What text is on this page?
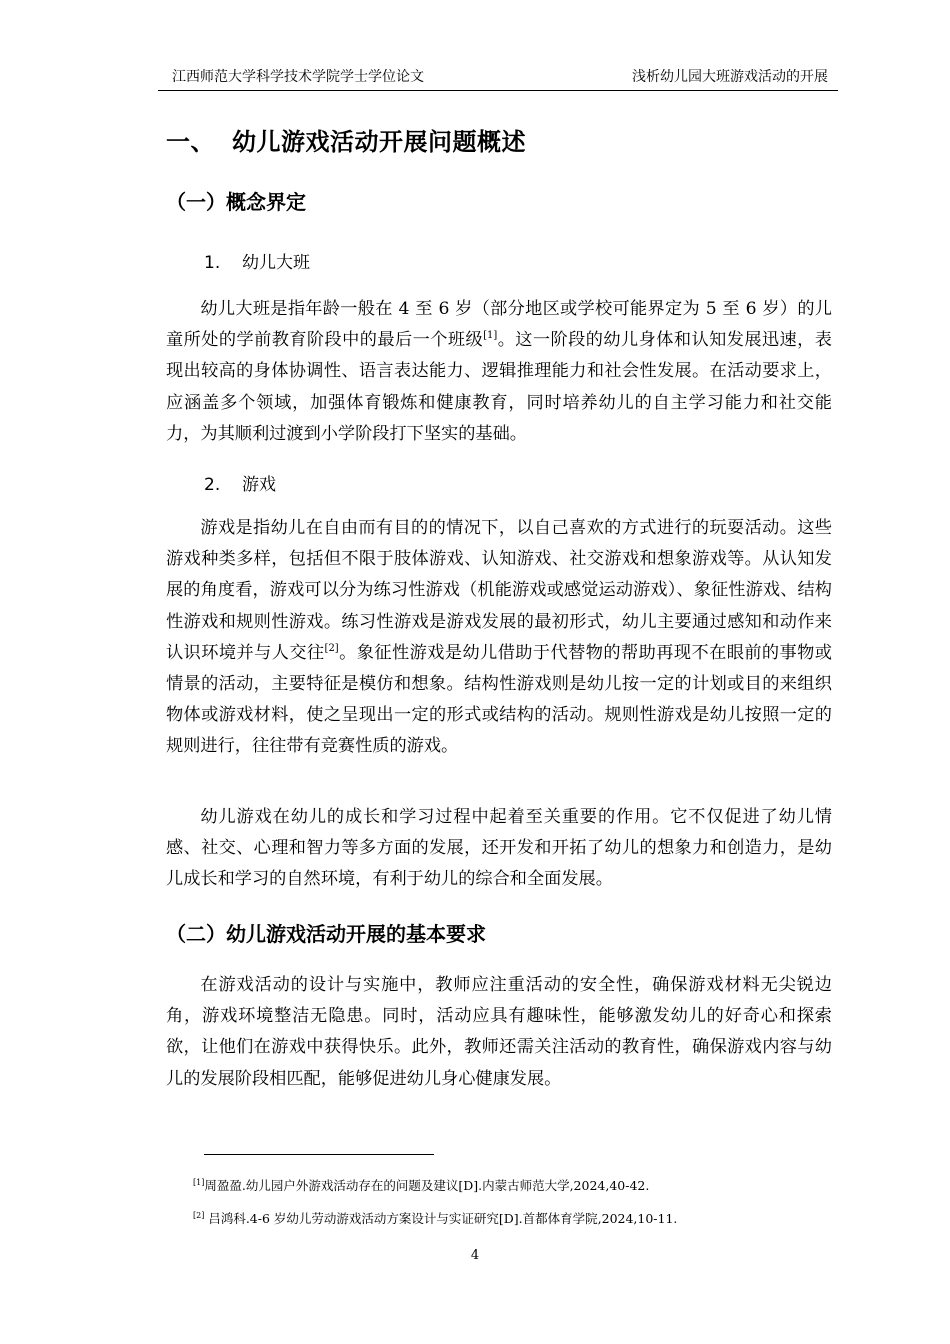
江西师范大学科学技术学院学士学位论文	浅析幼儿园大班游戏活动的开展
一、 幼儿游戏活动开展问题概述
（一）概念界定
1. 幼儿大班

幼儿大班是指年龄一般在 4 至 6 岁（部分地区或学校可能界定为 5 至 6 岁）的儿童所处的学前教育阶段中的最后一个班级[1]。这一阶段的幼儿身体和认知发展迅速，表现出较高的身体协调性、语言表达能力、逻辑推理能力和社会性发展。在活动要求上，应涵盖多个领域，加强体育锻炼和健康教育，同时培养幼儿的自主学习能力和社交能力，为其顺利过渡到小学阶段打下坚实的基础。

2. 游戏

游戏是指幼儿在自由而有目的的情况下，以自己喜欢的方式进行的玩耍活动。这些游戏种类多样，包括但不限于肢体游戏、认知游戏、社交游戏和想象游戏等。从认知发展的角度看，游戏可以分为练习性游戏（机能游戏或感觉运动游戏）、象征性游戏、结构性游戏和规则性游戏。练习性游戏是游戏发展的最初形式，幼儿主要通过感知和动作来认识环境并与人交往[2]。象征性游戏是幼儿借助于代替物的帮助再现不在眼前的事物或情景的活动，主要特征是模仿和想象。结构性游戏则是幼儿按一定的计划或目的来组织物体或游戏材料，使之呈现出一定的形式或结构的活动。规则性游戏是幼儿按照一定的规则进行，往往带有竞赛性质的游戏。

幼儿游戏在幼儿的成长和学习过程中起着至关重要的作用。它不仅促进了幼儿情感、社交、心理和智力等多方面的发展，还开发和开拓了幼儿的想象力和创造力，是幼儿成长和学习的自然环境，有利于幼儿的综合和全面发展。

（二）幼儿游戏活动开展的基本要求

在游戏活动的设计与实施中，教师应注重活动的安全性，确保游戏材料无尖锐边角，游戏环境整洁无隐患。同时，活动应具有趣味性，能够激发幼儿的好奇心和探索欲，让他们在游戏中获得快乐。此外，教师还需关注活动的教育性，确保游戏内容与幼儿的发展阶段相匹配，能够促进幼儿身心健康发展。

[1]周盈盈.幼儿园户外游戏活动存在的问题及建议[D].内蒙古师范大学,2024,40-42.
[2] 吕鸿科.4-6 岁幼儿劳动游戏活动方案设计与实证研究[D].首都体育学院,2024,10-11.
4
